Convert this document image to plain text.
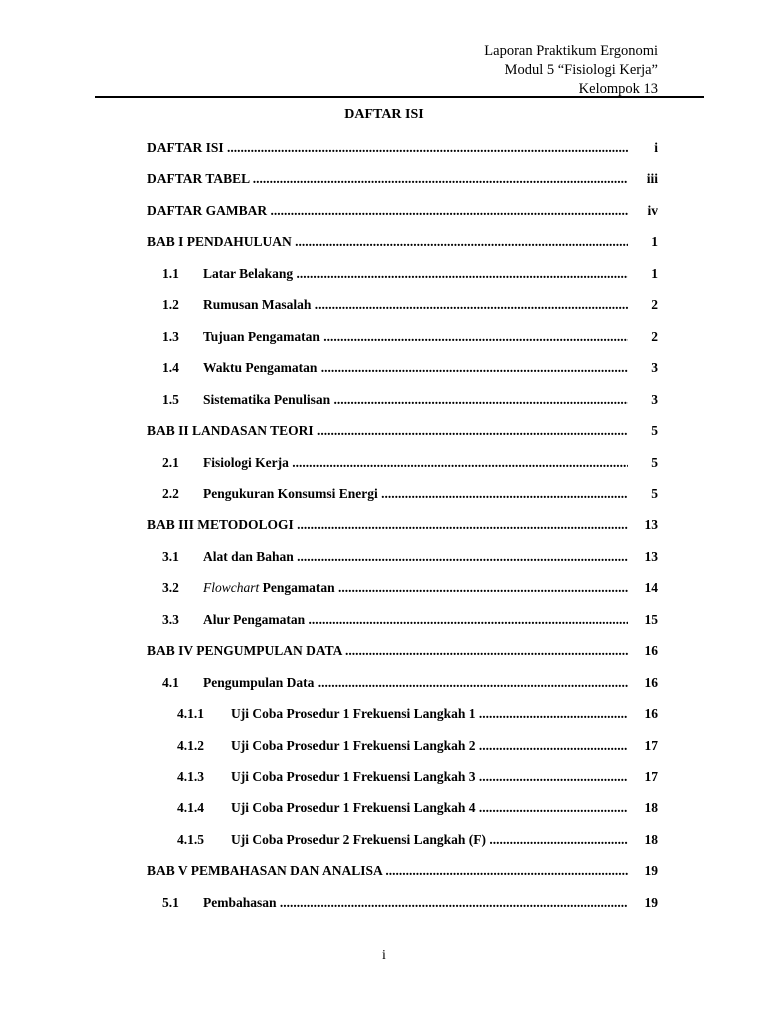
Laporan Praktikum Ergonomi
Modul 5 “Fisiologi Kerja”
Kelompok 13
DAFTAR ISI
DAFTAR ISI .....	i
DAFTAR TABEL .....	iii
DAFTAR GAMBAR .....	iv
BAB I PENDAHULUAN .....	1
1.1 Latar Belakang .....	1
1.2 Rumusan Masalah .....	2
1.3 Tujuan Pengamatan .....	2
1.4 Waktu Pengamatan .....	3
1.5 Sistematika Penulisan .....	3
BAB II LANDASAN TEORI .....	5
2.1 Fisiologi Kerja .....	5
2.2 Pengukuran Konsumsi Energi .....	5
BAB III METODOLOGI .....	13
3.1 Alat dan Bahan .....	13
3.2 Flowchart Pengamatan .....	14
3.3 Alur Pengamatan .....	15
BAB IV PENGUMPULAN DATA .....	16
4.1 Pengumpulan Data .....	16
4.1.1 Uji Coba Prosedur 1 Frekuensi Langkah 1 .....	16
4.1.2 Uji Coba Prosedur 1 Frekuensi Langkah 2 .....	17
4.1.3 Uji Coba Prosedur 1 Frekuensi Langkah 3 .....	17
4.1.4 Uji Coba Prosedur 1 Frekuensi Langkah 4 .....	18
4.1.5 Uji Coba Prosedur 2 Frekuensi Langkah (F) .....	18
BAB V PEMBAHASAN DAN ANALISA .....	19
5.1 Pembahasan .....	19
i
